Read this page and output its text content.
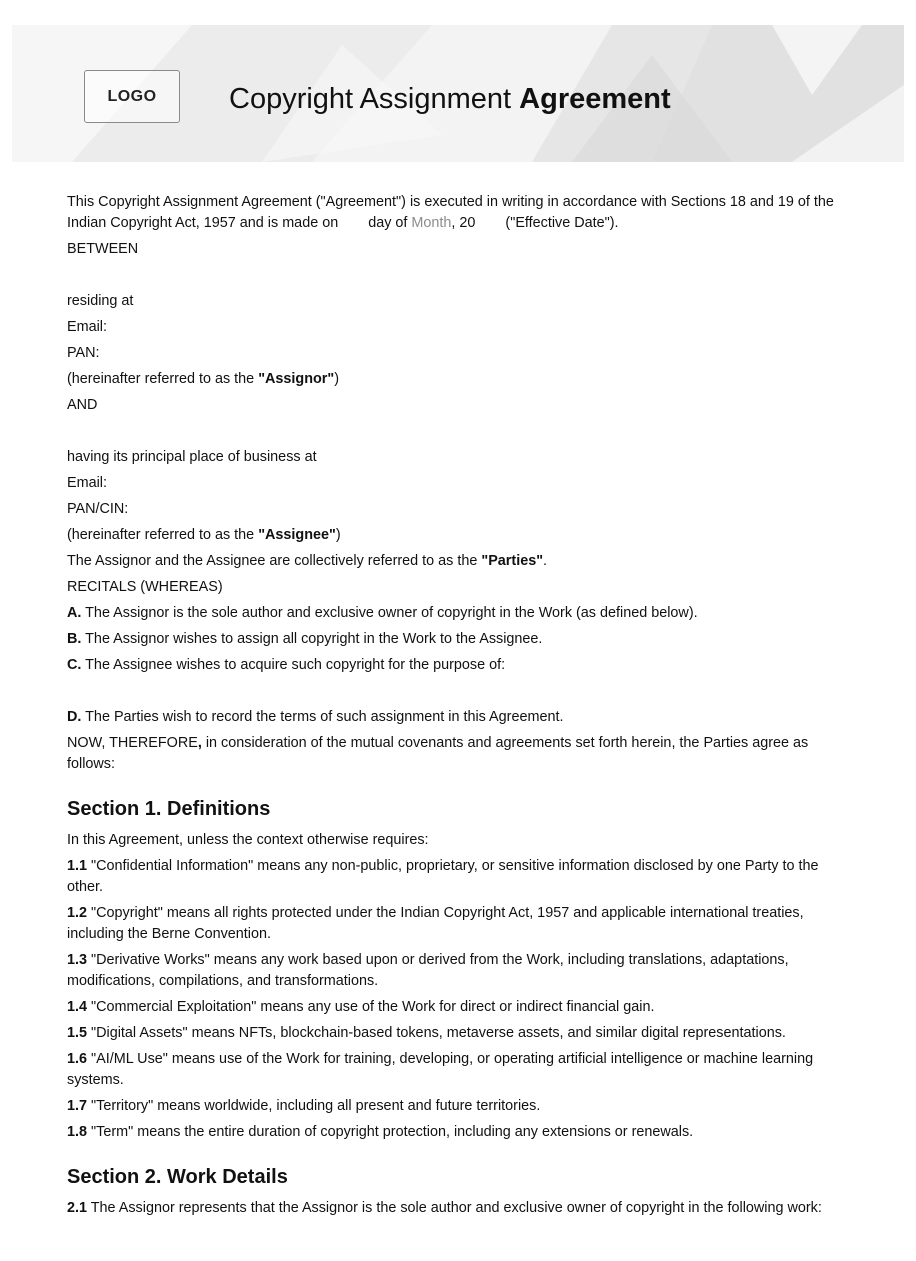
LOGO Copyright Assignment Agreement

This Copyright Assignment Agreement ("Agreement") is executed in writing in accordance with Sections 18 and 19 of the Indian Copyright Act, 1957 and is made on day of Month, 20 ("Effective Date").

BETWEEN

residing at

Email:

PAN:

(hereinafter referred to as the "Assignor")

AND

having its principal place of business at

Email:

PAN/CIN:

(hereinafter referred to as the "Assignee")

The Assignor and the Assignee are collectively referred to as the "Parties".

RECITALS (WHEREAS)

A. The Assignor is the sole author and exclusive owner of copyright in the Work (as defined below).

B. The Assignor wishes to assign all copyright in the Work to the Assignee.

C. The Assignee wishes to acquire such copyright for the purpose of:

D. The Parties wish to record the terms of such assignment in this Agreement.

NOW, THEREFORE, in consideration of the mutual covenants and agreements set forth herein, the Parties agree as follows:

Section 1. Definitions

In this Agreement, unless the context otherwise requires:

1.1 "Confidential Information" means any non-public, proprietary, or sensitive information disclosed by one Party to the other.

1.2 "Copyright" means all rights protected under the Indian Copyright Act, 1957 and applicable international treaties, including the Berne Convention.

1.3 "Derivative Works" means any work based upon or derived from the Work, including translations, adaptations, modifications, compilations, and transformations.

1.4 "Commercial Exploitation" means any use of the Work for direct or indirect financial gain.

1.5 "Digital Assets" means NFTs, blockchain-based tokens, metaverse assets, and similar digital representations.

1.6 "AI/ML Use" means use of the Work for training, developing, or operating artificial intelligence or machine learning systems.

1.7 "Territory" means worldwide, including all present and future territories.

1.8 "Term" means the entire duration of copyright protection, including any extensions or renewals.

Section 2. Work Details

2.1 The Assignor represents that the Assignor is the sole author and exclusive owner of copyright in the following work:
